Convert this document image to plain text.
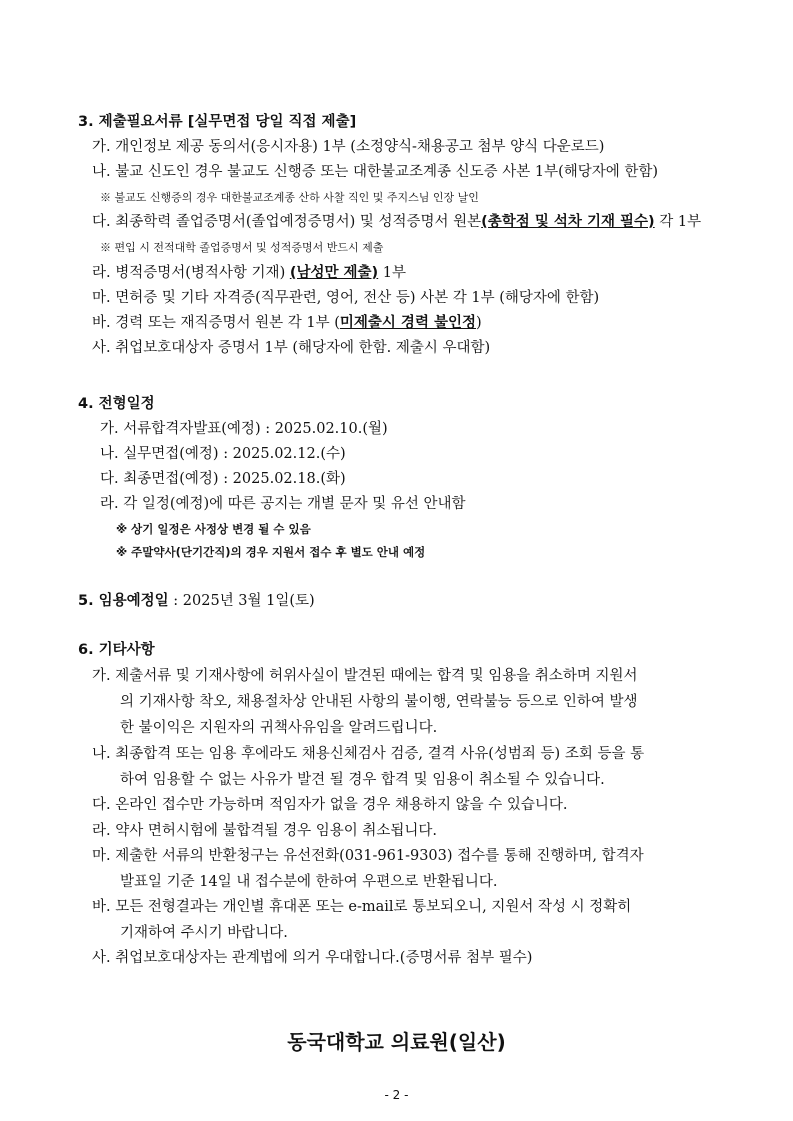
3. 제출필요서류 [실무면접 당일 직접 제출]
가. 개인정보 제공 동의서(응시자용) 1부 (소정양식-채용공고 첨부 양식 다운로드)
나. 불교 신도인 경우 불교도 신행증 또는 대한불교조계종 신도증 사본 1부(해당자에 한함)
※ 불교도 신행증의 경우 대한불교조계종 산하 사찰 직인 및 주지스님 인장 날인
다. 최종학력 졸업증명서(졸업예정증명서) 및 성적증명서 원본(총학점 및 석차 기재 필수) 각 1부
※ 편입 시 전적대학 졸업증명서 및 성적증명서 반드시 제출
라. 병적증명서(병적사항 기재) (남성만 제출) 1부
마. 면허증 및 기타 자격증(직무관련, 영어, 전산 등) 사본 각 1부 (해당자에 한함)
바. 경력 또는 재직증명서 원본 각 1부 (미제출시 경력 불인정)
사. 취업보호대상자 증명서 1부 (해당자에 한함. 제출시 우대함)
4. 전형일정
가. 서류합격자발표(예정) : 2025.02.10.(월)
나. 실무면접(예정) : 2025.02.12.(수)
다. 최종면접(예정) : 2025.02.18.(화)
라. 각 일정(예정)에 따른 공지는 개별 문자 및 유선 안내함
※ 상기 일정은 사정상 변경 될 수 있음
※ 주말약사(단기간직)의 경우 지원서 접수 후 별도 안내 예정
5. 임용예정일 : 2025년 3월 1일(토)
6. 기타사항
가. 제출서류 및 기재사항에 허위사실이 발견된 때에는 합격 및 임용을 취소하며 지원서
의 기재사항 착오, 채용절차상 안내된 사항의 불이행, 연락불능 등으로 인하여 발생
한 불이익은 지원자의 귀책사유임을 알려드립니다.
나. 최종합격 또는 임용 후에라도 채용신체검사 검증, 결격 사유(성범죄 등) 조회 등을 통
하여 임용할 수 없는 사유가 발견 될 경우 합격 및 임용이 취소될 수 있습니다.
다. 온라인 접수만 가능하며 적임자가 없을 경우 채용하지 않을 수 있습니다.
라. 약사 면허시험에 불합격될 경우 임용이 취소됩니다.
마. 제출한 서류의 반환청구는 유선전화(031-961-9303) 접수를 통해 진행하며, 합격자
발표일 기준 14일 내 접수분에 한하여 우편으로 반환됩니다.
바. 모든 전형결과는 개인별 휴대폰 또는 e-mail로 통보되오니, 지원서 작성 시 정확히
기재하여 주시기 바랍니다.
사. 취업보호대상자는 관계법에 의거 우대합니다.(증명서류 첨부 필수)
동국대학교 의료원(일산)
- 2 -
